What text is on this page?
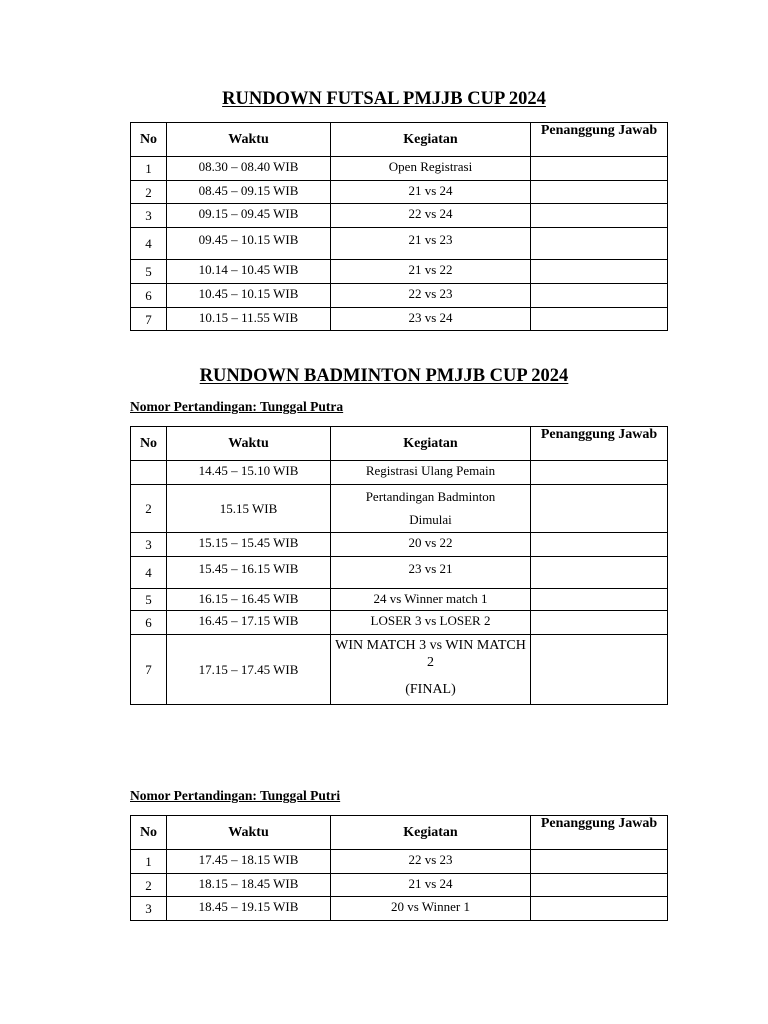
RUNDOWN FUTSAL PMJJB CUP 2024
No	Waktu	Kegiatan	Penanggung Jawab
1	08.30 – 08.40 WIB	Open Registrasi	
2	08.45 – 09.15 WIB	21 vs 24	
3	09.15 – 09.45 WIB	22 vs 24	
4	09.45 – 10.15 WIB	21 vs 23	
5	10.14 – 10.45 WIB	21 vs 22	
6	10.45 – 10.15 WIB	22 vs 23	
7	10.15 – 11.55 WIB	23 vs 24	
RUNDOWN BADMINTON PMJJB CUP 2024

Nomor Pertandingan: Tunggal Putra

No	Waktu	Kegiatan	Penanggung Jawab
	14.45 – 15.10 WIB	Registrasi Ulang Pemain	
2	15.15 WIB	Pertandingan Badminton
Dimulai	

3	15.15 – 15.45 WIB	20 vs 22	
4	15.45 – 16.15 WIB	23 vs 21	
5	16.15 – 16.45 WIB	24 vs Winner match 1	
6	16.45 – 17.15 WIB	LOSER 3 vs LOSER 2	
7	17.15 – 17.45 WIB	WIN MATCH 3 vs WIN MATCH 2
(FINAL)	

Nomor Pertandingan: Tunggal Putri

No	Waktu	Kegiatan	Penanggung Jawab
1	17.45 – 18.15 WIB	22 vs 23	
2	18.15 – 18.45 WIB	21 vs 24	
3	18.45 – 19.15 WIB	20 vs Winner 1	
